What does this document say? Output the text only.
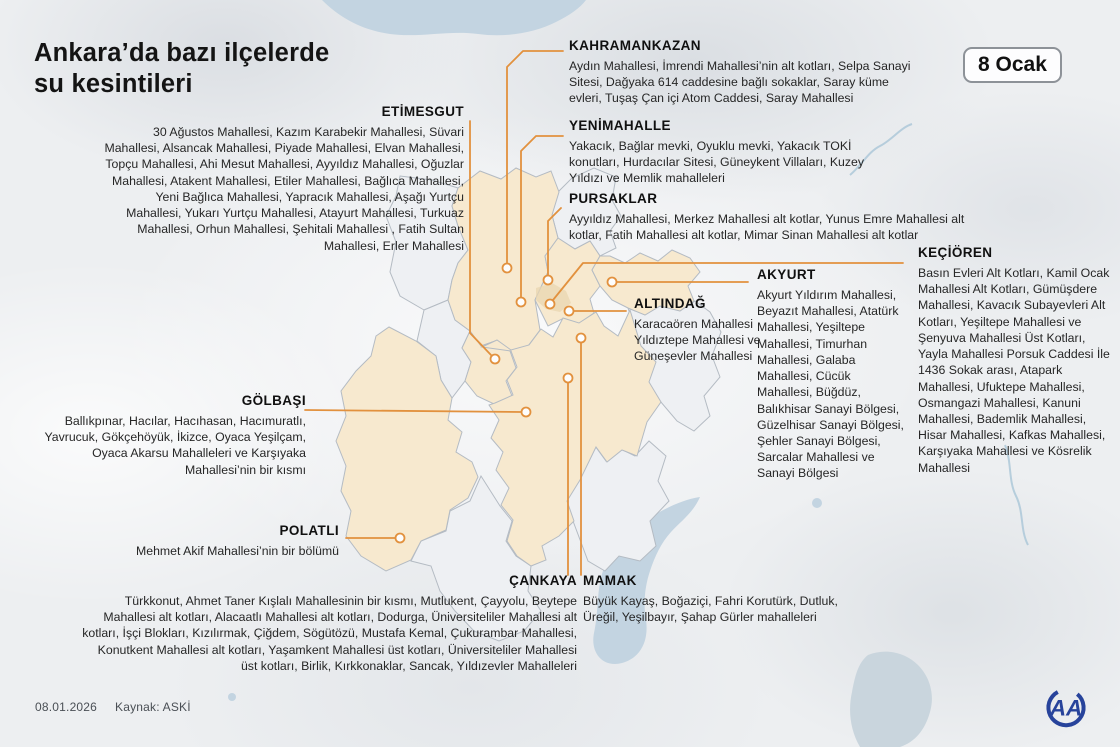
Ankara’da bazı ilçelerde su kesintileri
8 Ocak
ETİMESGUT

30 Ağustos Mahallesi, Kazım Karabekir Mahallesi, Süvari Mahallesi, Alsancak Mahallesi, Piyade Mahallesi, Elvan Mahallesi, Topçu Mahallesi, Ahi Mesut Mahallesi, Ayyıldız Mahallesi, Oğuzlar Mahallesi, Atakent Mahallesi, Etiler Mahallesi, Bağlıca Mahallesi, Yeni Bağlıca Mahallesi, Yapracık Mahallesi, Aşağı Yurtçu Mahallesi, Yukarı Yurtçu Mahallesi, Atayurt Mahallesi, Turkuaz Mahallesi, Orhun Mahallesi, Şehitali Mahallesi , Fatih Sultan Mahallesi, Erler Mahallesi

KAHRAMANKAZAN

Aydın Mahallesi, İmrendi Mahallesi’nin alt kotları, Selpa Sanayi Sitesi, Dağyaka 614 caddesine bağlı sokaklar, Saray küme evleri, Tuşaş Çan içi Atom Caddesi, Saray Mahallesi

YENİMAHALLE

Yakacık, Bağlar mevki, Oyuklu mevki, Yakacık TOKİ konutları, Hurdacılar Sitesi, Güneykent Villaları, Kuzey Yıldızı ve Memlik mahalleleri

PURSAKLAR

Ayyıldız Mahallesi, Merkez Mahallesi alt kotlar, Yunus Emre Mahallesi alt kotlar, Fatih Mahallesi alt kotlar, Mimar Sinan Mahallesi alt kotlar

AKYURT

Akyurt Yıldırım Mahallesi, Beyazıt Mahallesi, Atatürk Mahallesi, Yeşiltepe Mahallesi, Timurhan Mahallesi, Galaba Mahallesi, Cücük Mahallesi, Büğdüz, Balıkhisar Sanayi Bölgesi, Güzelhisar Sanayi Bölgesi, Şehler Sanayi Bölgesi, Sarcalar Mahallesi ve Sanayi Bölgesi

KEÇİÖREN

Basın Evleri Alt Kotları, Kamil Ocak Mahallesi Alt Kotları, Gümüşdere Mahallesi, Kavacık Subayevleri Alt Kotları, Yeşiltepe Mahallesi ve Şenyuva Mahallesi Üst Kotları, Yayla Mahallesi Porsuk Caddesi İle 1436 Sokak arası, Atapark Mahallesi, Ufuktepe Mahallesi, Osmangazi Mahallesi, Kanuni Mahallesi, Bademlik Mahallesi, Hisar Mahallesi, Kafkas Mahallesi, Karşıyaka Mahallesi ve Kösrelik Mahallesi

ALTINDAĞ

Karacaören Mahallesi Yıldıztepe Mahallesi ve Güneşevler Mahallesi

GÖLBAŞI

Ballıkpınar, Hacılar, Hacıhasan, Hacımuratlı, Yavrucuk, Gökçehöyük, İkizce, Oyaca Yeşilçam, Oyaca Akarsu Mahalleleri ve Karşıyaka Mahallesi’nin bir kısmı

POLATLI

Mehmet Akif Mahallesi’nin bir bölümü

ÇANKAYA

Türkkonut, Ahmet Taner Kışlalı Mahallesinin bir kısmı, Mutlukent, Çayyolu, Beytepe Mahallesi alt kotları, Alacaatlı Mahallesi alt kotları, Dodurga, Üniversiteliler Mahallesi alt kotları, İşçi Blokları, Kızılırmak, Çiğdem, Sögütözü, Mustafa Kemal, Çukurambar Mahallesi, Konutkent Mahallesi alt kotları, Yaşamkent Mahallesi üst kotları, Üniversiteliler Mahallesi üst kotları, Birlik, Kırkkonaklar, Sancak, Yıldızevler Mahalleleri

MAMAK

Büyük Kayaş, Boğaziçi, Fahri Korutürk, Dutluk, Üreğil, Yeşilbayır, Şahap Gürler mahalleleri

08.01.2026 Kaynak: ASKİ	AA
